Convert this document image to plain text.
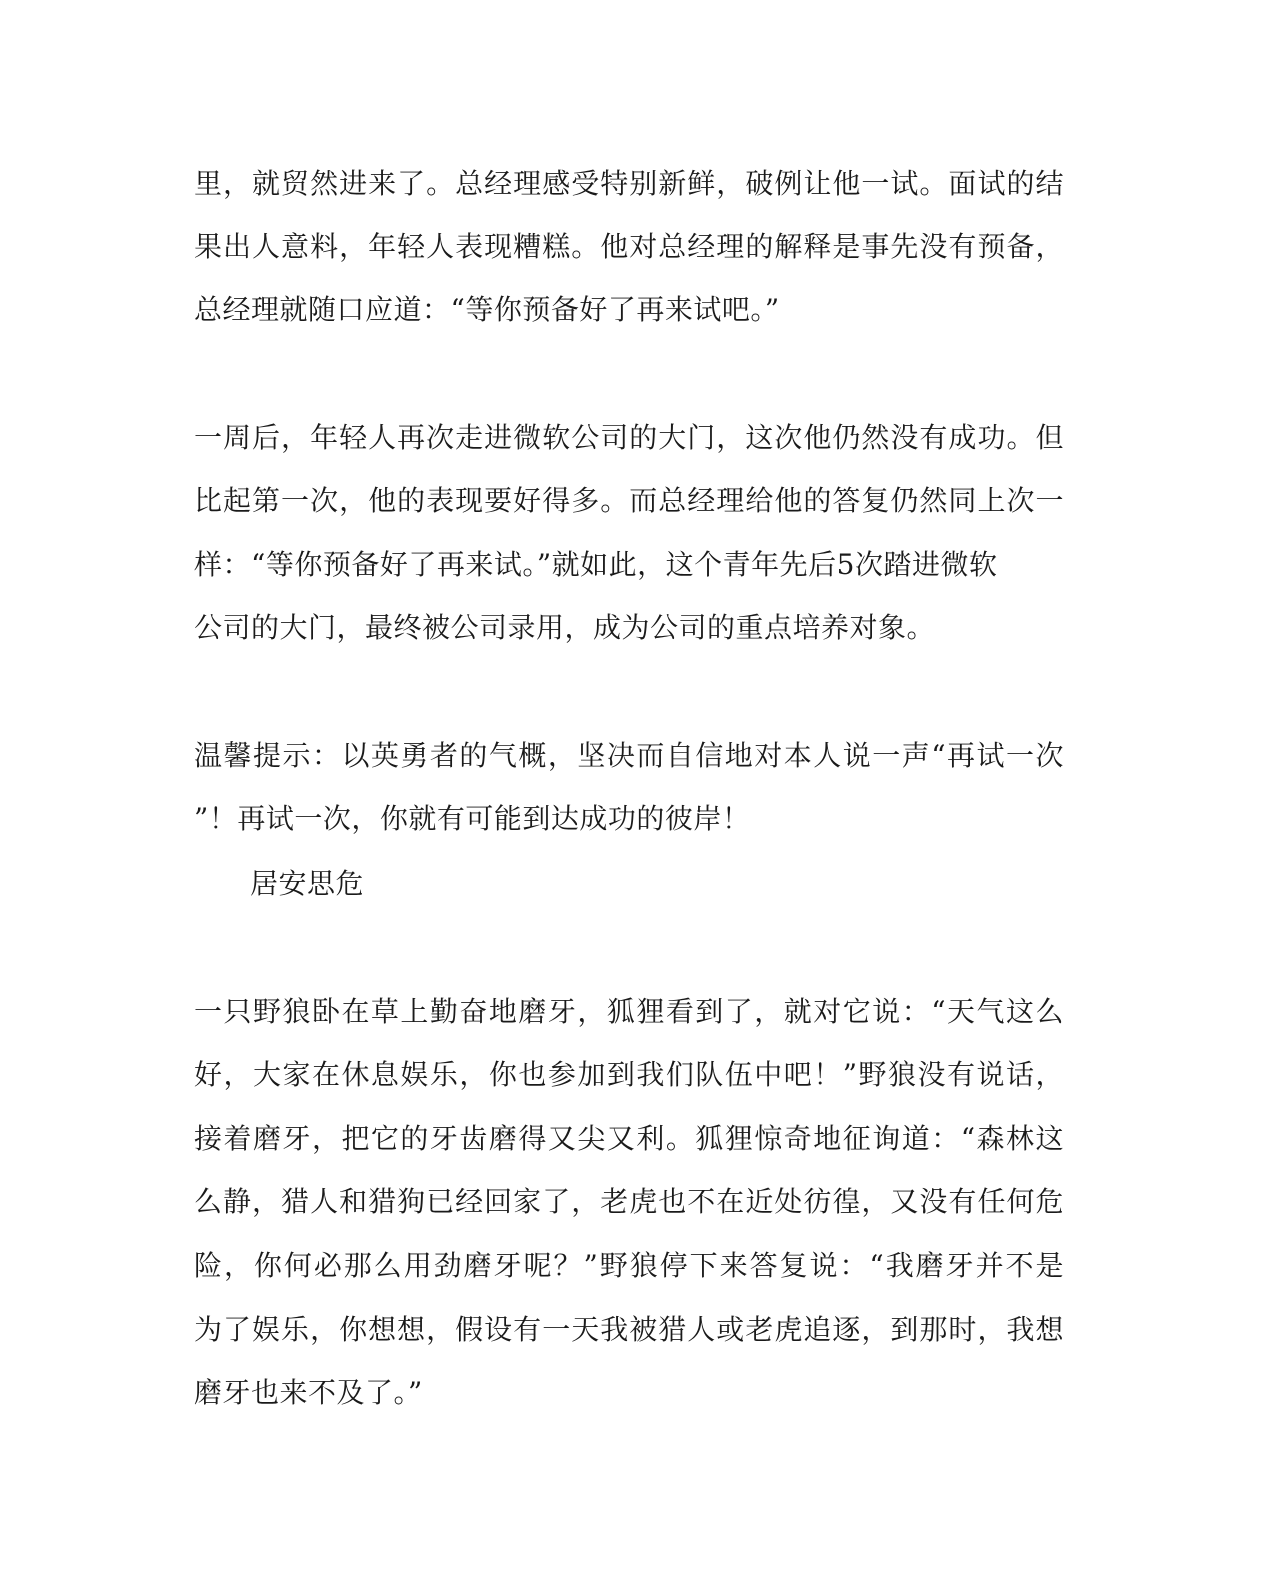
里，就贸然进来了。总经理感受特别新鲜，破例让他一试。面试的结
果出人意料，年轻人表现糟糕。他对总经理的解释是事先没有预备，
总经理就随口应道：“等你预备好了再来试吧。”
一周后，年轻人再次走进微软公司的大门，这次他仍然没有成功。但
比起第一次，他的表现要好得多。而总经理给他的答复仍然同上次一
样：“等你预备好了再来试。”就如此，这个青年先后5次踏进微软
公司的大门，最终被公司录用，成为公司的重点培养对象。
温馨提示：以英勇者的气概，坚决而自信地对本人说一声“再试一次
”！再试一次，你就有可能到达成功的彼岸！
居安思危
一只野狼卧在草上勤奋地磨牙，狐狸看到了，就对它说：“天气这么
好，大家在休息娱乐，你也参加到我们队伍中吧！”野狼没有说话，
接着磨牙，把它的牙齿磨得又尖又利。狐狸惊奇地征询道：“森林这
么静，猎人和猎狗已经回家了，老虎也不在近处彷徨，又没有任何危
险，你何必那么用劲磨牙呢？”野狼停下来答复说：“我磨牙并不是
为了娱乐，你想想，假设有一天我被猎人或老虎追逐，到那时，我想
磨牙也来不及了。”
